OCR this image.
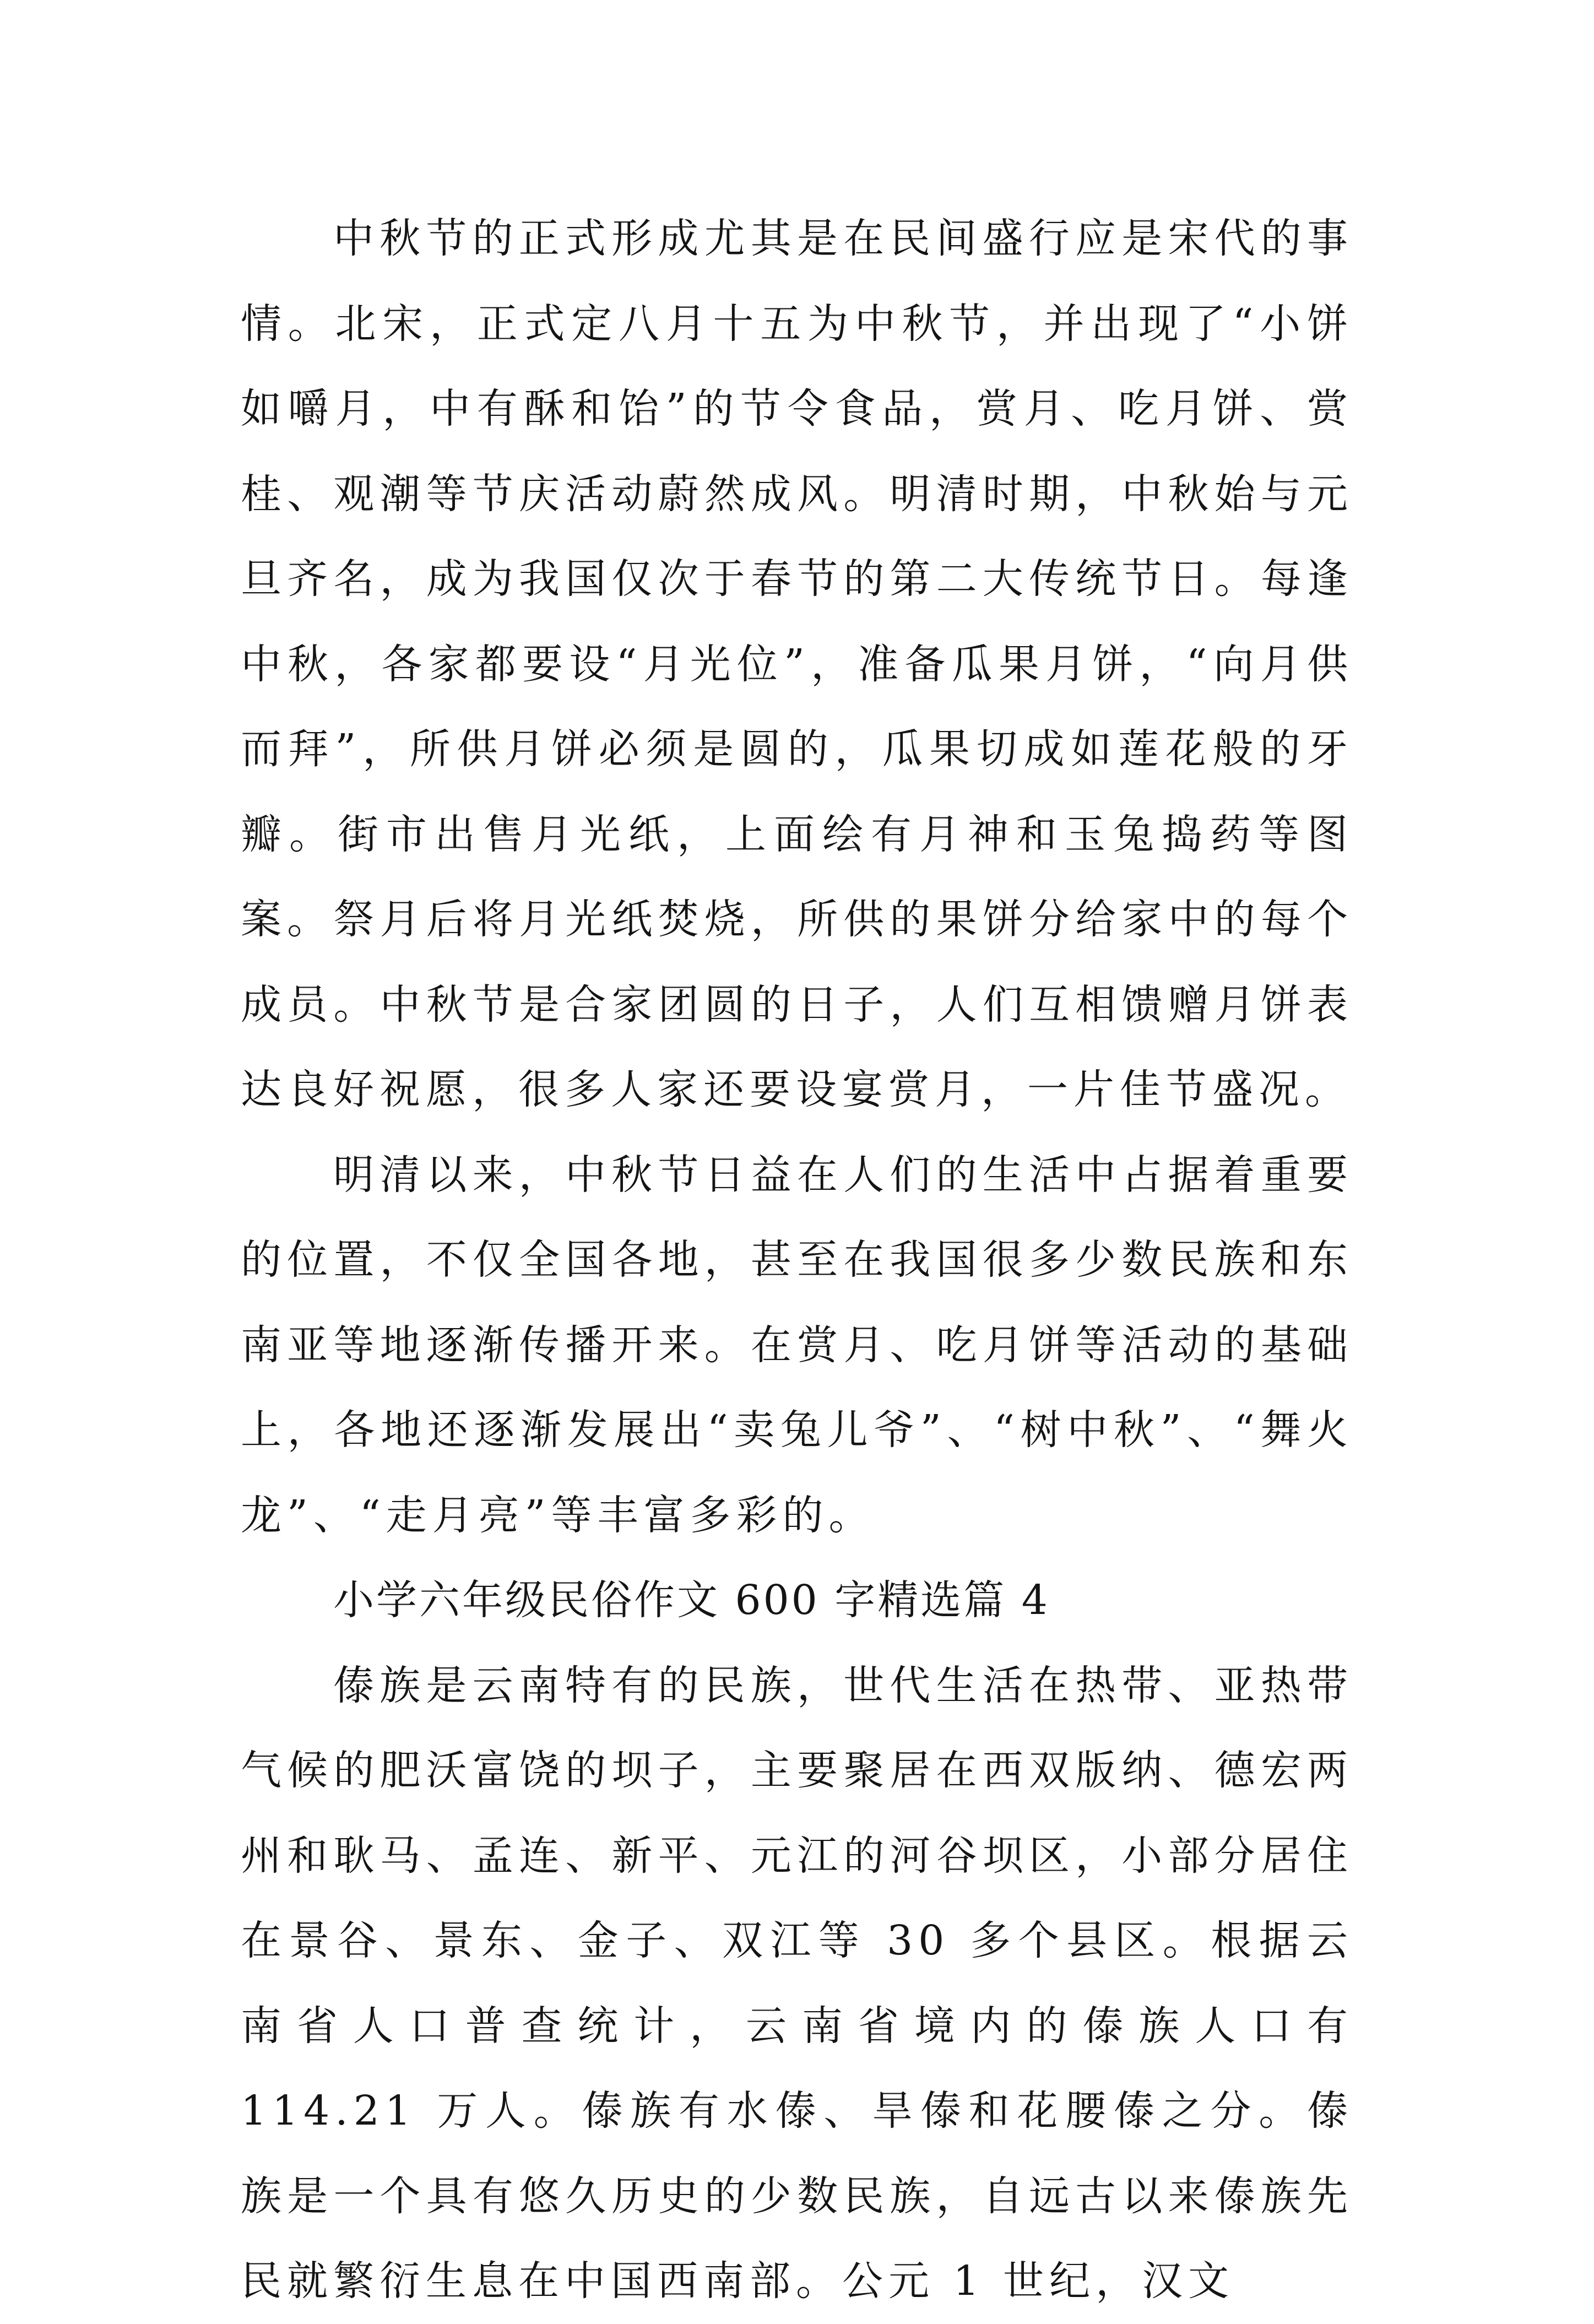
中秋节的正式形成尤其是在民间盛行应是宋代的事情。北宋，正式定八月十五为中秋节，并出现了“小饼如嚼月，中有酥和饴”的节令食品，赏月、吃月饼、赏桂、观潮等节庆活动蔚然成风。明清时期，中秋始与元旦齐名，成为我国仅次于春节的第二大传统节日。每逢中秋，各家都要设“月光位”，准备瓜果月饼，“向月供而拜”，所供月饼必须是圆的，瓜果切成如莲花般的牙瓣。街市出售月光纸，上面绘有月神和玉兔捣药等图案。祭月后将月光纸焚烧，所供的果饼分给家中的每个成员。中秋节是合家团圆的日子，人们互相馈赠月饼表达良好祝愿，很多人家还要设宴赏月，一片佳节盛况。

明清以来，中秋节日益在人们的生活中占据着重要的位置，不仅全国各地，甚至在我国很多少数民族和东南亚等地逐渐传播开来。在赏月、吃月饼等活动的基础上，各地还逐渐发展出“卖兔儿爷”、“树中秋”、“舞火龙”、“走月亮”等丰富多彩的。

小学六年级民俗作文 600 字精选篇 4

傣族是云南特有的民族，世代生活在热带、亚热带气候的肥沃富饶的坝子，主要聚居在西双版纳、德宏两州和耿马、孟连、新平、元江的河谷坝区，小部分居住在景谷、景东、金子、双江等 30 多个县区。根据云南省人口普查统计，云南省境内的傣族人口有 114.21 万人。傣族有水傣、旱傣和花腰傣之分。傣族是一个具有悠久历史的少数民族，自远古以来傣族先民就繁衍生息在中国西南部。公元 1 世纪，汉文
